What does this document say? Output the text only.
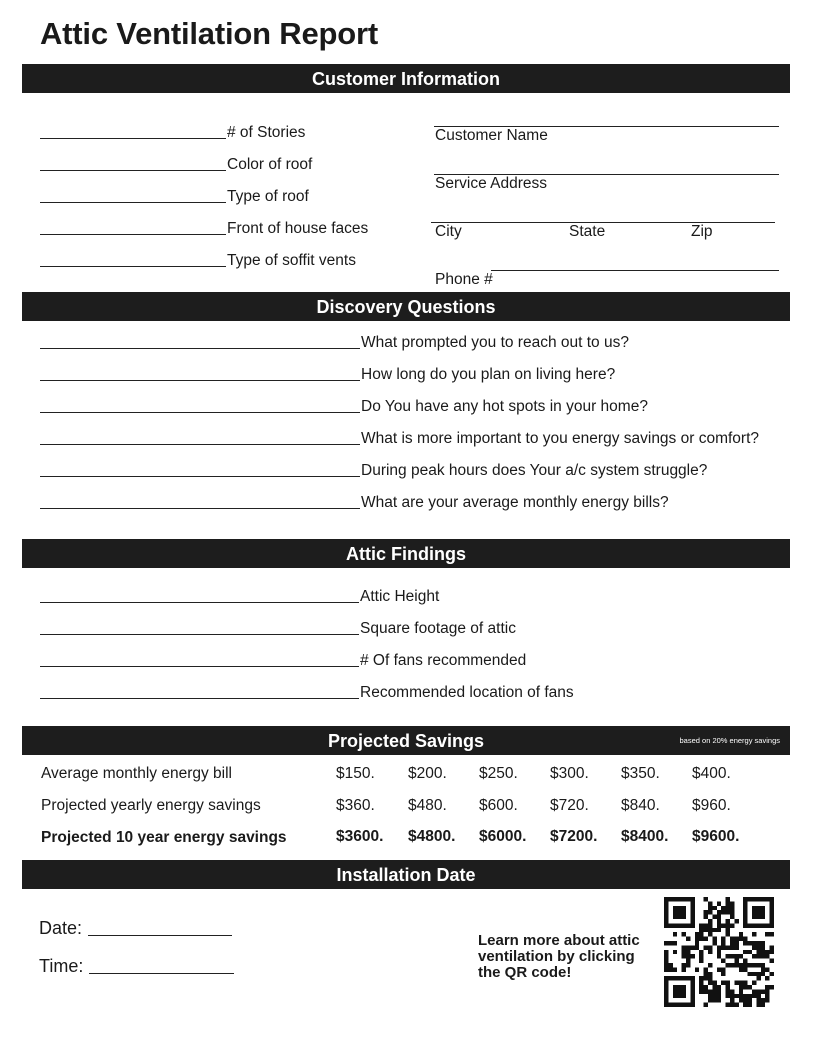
Attic Ventilation Report
Customer Information
# of Stories
Color of roof
Type of roof
Front of house faces
Type of soffit vents
Customer Name
Service Address
City	State	Zip
Phone #
Discovery Questions
What prompted you to reach out to us?
How long do you plan on living here?
Do You have any hot spots in your home?
What is more important to you energy savings or comfort?
During peak hours does Your a/c system struggle?
What are your average monthly energy bills?
Attic Findings
Attic Height
Square footage of attic
# Of fans recommended
Recommended location of fans
Projected Savings	based on 20% energy savings
Average monthly energy bill	$150. $200. $250. $300. $350. $400.
Projected yearly energy savings	$360. $480. $600. $720. $840. $960.
Projected 10 year energy savings	$3600. $4800. $6000. $7200. $8400. $9600.
Installation Date
Date:
Time:
Learn more about attic ventilation by clicking the QR code!
